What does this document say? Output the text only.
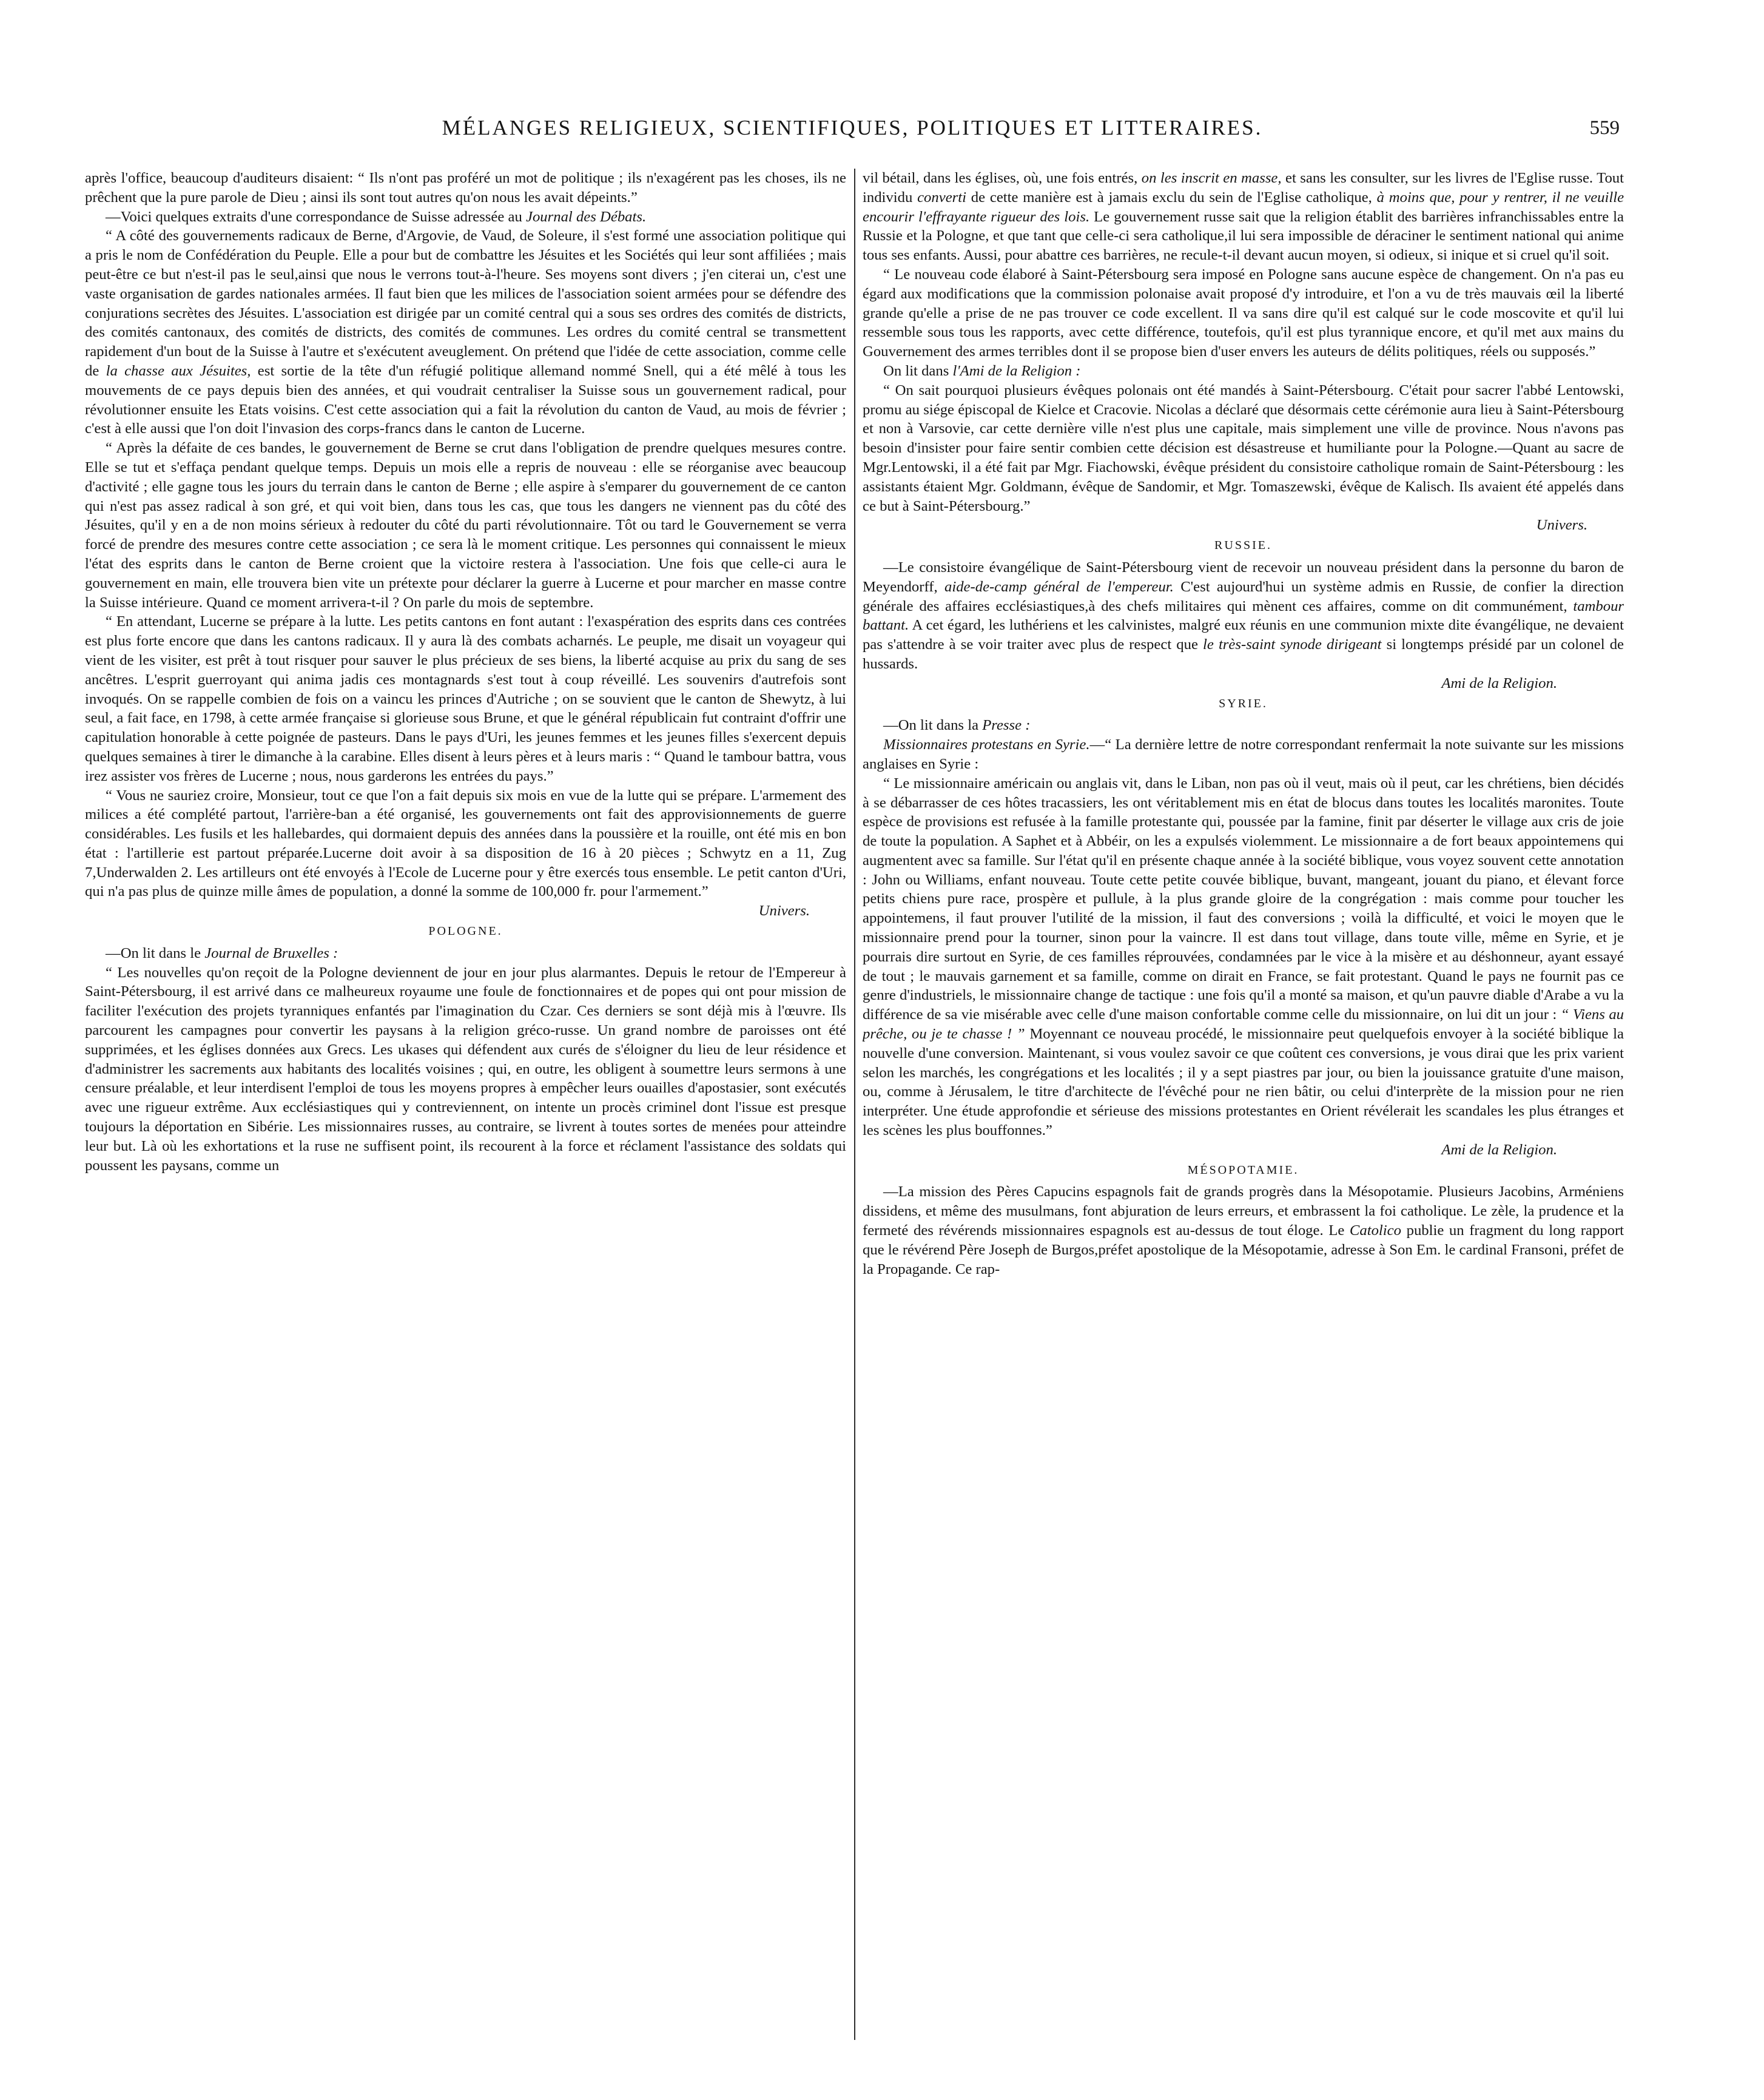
MÉLANGES RELIGIEUX, SCIENTIFIQUES, POLITIQUES ET LITTERAIRES.	559

après l'office, beaucoup d'auditeurs disaient: “ Ils n'ont pas proféré un mot de politique ; ils n'exagérent pas les choses, ils ne prêchent que la pure parole de Dieu ; ainsi ils sont tout autres qu'on nous les avait dépeints.”

—Voici quelques extraits d'une correspondance de Suisse adressée au Journal des Débats.

“ A côté des gouvernements radicaux de Berne, d'Argovie, de Vaud, de Soleure, il s'est formé une association politique qui a pris le nom de Confédération du Peuple. Elle a pour but de combattre les Jésuites et les Sociétés qui leur sont affiliées ; mais peut-être ce but n'est-il pas le seul,ainsi que nous le verrons tout-à-l'heure. Ses moyens sont divers ; j'en citerai un, c'est une vaste organisation de gardes nationales armées. Il faut bien que les milices de l'association soient armées pour se défendre des conjurations secrètes des Jésuites. L'association est dirigée par un comité central qui a sous ses ordres des comités de districts, des comités cantonaux, des comités de districts, des comités de communes. Les ordres du comité central se transmettent rapidement d'un bout de la Suisse à l'autre et s'exécutent aveuglement. On prétend que l'idée de cette association, comme celle de la chasse aux Jésuites, est sortie de la tête d'un réfugié politique allemand nommé Snell, qui a été mêlé à tous les mouvements de ce pays depuis bien des années, et qui voudrait centraliser la Suisse sous un gouvernement radical, pour révolutionner ensuite les Etats voisins. C'est cette association qui a fait la révolution du canton de Vaud, au mois de février ; c'est à elle aussi que l'on doit l'invasion des corps-francs dans le canton de Lucerne.

“ Après la défaite de ces bandes, le gouvernement de Berne se crut dans l'obligation de prendre quelques mesures contre. Elle se tut et s'effaça pendant quelque temps. Depuis un mois elle a repris de nouveau : elle se réorganise avec beaucoup d'activité ; elle gagne tous les jours du terrain dans le canton de Berne ; elle aspire à s'emparer du gouvernement de ce canton qui n'est pas assez radical à son gré, et qui voit bien, dans tous les cas, que tous les dangers ne viennent pas du côté des Jésuites, qu'il y en a de non moins sérieux à redouter du côté du parti révolutionnaire. Tôt ou tard le Gouvernement se verra forcé de prendre des mesures contre cette association ; ce sera là le moment critique. Les personnes qui connaissent le mieux l'état des esprits dans le canton de Berne croient que la victoire restera à l'association. Une fois que celle-ci aura le gouvernement en main, elle trouvera bien vite un prétexte pour déclarer la guerre à Lucerne et pour marcher en masse contre la Suisse intérieure. Quand ce moment arrivera-t-il ? On parle du mois de septembre.

“ En attendant, Lucerne se prépare à la lutte. Les petits cantons en font autant : l'exaspération des esprits dans ces contrées est plus forte encore que dans les cantons radicaux. Il y aura là des combats acharnés. Le peuple, me disait un voyageur qui vient de les visiter, est prêt à tout risquer pour sauver le plus précieux de ses biens, la liberté acquise au prix du sang de ses ancêtres. L'esprit guerroyant qui anima jadis ces montagnards s'est tout à coup réveillé. Les souvenirs d'autrefois sont invoqués. On se rappelle combien de fois on a vaincu les princes d'Autriche ; on se souvient que le canton de Shewytz, à lui seul, a fait face, en 1798, à cette armée française si glorieuse sous Brune, et que le général républicain fut contraint d'offrir une capitulation honorable à cette poignée de pasteurs. Dans le pays d'Uri, les jeunes femmes et les jeunes filles s'exercent depuis quelques semaines à tirer le dimanche à la carabine. Elles disent à leurs pères et à leurs maris : “ Quand le tambour battra, vous irez assister vos frères de Lucerne ; nous, nous garderons les entrées du pays.”

“ Vous ne sauriez croire, Monsieur, tout ce que l'on a fait depuis six mois en vue de la lutte qui se prépare. L'armement des milices a été complété partout, l'arrière-ban a été organisé, les gouvernements ont fait des approvisionnements de guerre considérables. Les fusils et les hallebardes, qui dormaient depuis des années dans la poussière et la rouille, ont été mis en bon état : l'artillerie est partout préparée.Lucerne doit avoir à sa disposition de 16 à 20 pièces ; Schwytz en a 11, Zug 7,Underwalden 2. Les artilleurs ont été envoyés à l'Ecole de Lucerne pour y être exercés tous ensemble. Le petit canton d'Uri, qui n'a pas plus de quinze mille âmes de population, a donné la somme de 100,000 fr. pour l'armement.”
Univers.

POLOGNE.

—On lit dans le Journal de Bruxelles :

“ Les nouvelles qu'on reçoit de la Pologne deviennent de jour en jour plus alarmantes. Depuis le retour de l'Empereur à Saint-Pétersbourg, il est arrivé dans ce malheureux royaume une foule de fonctionnaires et de popes qui ont pour mission de faciliter l'exécution des projets tyranniques enfantés par l'imagination du Czar. Ces derniers se sont déjà mis à l'œuvre. Ils parcourent les campagnes pour convertir les paysans à la religion gréco-russe. Un grand nombre de paroisses ont été supprimées, et les églises données aux Grecs. Les ukases qui défendent aux curés de s'éloigner du lieu de leur résidence et d'administrer les sacrements aux habitants des localités voisines ; qui, en outre, les obligent à soumettre leurs sermons à une censure préalable, et leur interdisent l'emploi de tous les moyens propres à empêcher leurs ouailles d'apostasier, sont exécutés avec une rigueur extrême. Aux ecclésiastiques qui y contreviennent, on intente un procès criminel dont l'issue est presque toujours la déportation en Sibérie. Les missionnaires russes, au contraire, se livrent à toutes sortes de menées pour atteindre leur but. Là où les exhortations et la ruse ne suffisent point, ils recourent à la force et réclament l'assistance des soldats qui poussent les paysans, comme un

vil bétail, dans les églises, où, une fois entrés, on les inscrit en masse, et sans les consulter, sur les livres de l'Eglise russe. Tout individu converti de cette manière est à jamais exclu du sein de l'Eglise catholique, à moins que, pour y rentrer, il ne veuille encourir l'effrayante rigueur des lois. Le gouvernement russe sait que la religion établit des barrières infranchissables entre la Russie et la Pologne, et que tant que celle-ci sera catholique,il lui sera impossible de déraciner le sentiment national qui anime tous ses enfants. Aussi, pour abattre ces barrières, ne recule-t-il devant aucun moyen, si odieux, si inique et si cruel qu'il soit.

“ Le nouveau code élaboré à Saint-Pétersbourg sera imposé en Pologne sans aucune espèce de changement. On n'a pas eu égard aux modifications que la commission polonaise avait proposé d'y introduire, et l'on a vu de très mauvais œil la liberté grande qu'elle a prise de ne pas trouver ce code excellent. Il va sans dire qu'il est calqué sur le code moscovite et qu'il lui ressemble sous tous les rapports, avec cette différence, toutefois, qu'il est plus tyrannique encore, et qu'il met aux mains du Gouvernement des armes terribles dont il se propose bien d'user envers les auteurs de délits politiques, réels ou supposés.”

On lit dans l'Ami de la Religion :

“ On sait pourquoi plusieurs évêques polonais ont été mandés à Saint-Pétersbourg. C'était pour sacrer l'abbé Lentowski, promu au siége épiscopal de Kielce et Cracovie. Nicolas a déclaré que désormais cette cérémonie aura lieu à Saint-Pétersbourg et non à Varsovie, car cette dernière ville n'est plus une capitale, mais simplement une ville de province. Nous n'avons pas besoin d'insister pour faire sentir combien cette décision est désastreuse et humiliante pour la Pologne.—Quant au sacre de Mgr.Lentowski, il a été fait par Mgr. Fiachowski, évêque président du consistoire catholique romain de Saint-Pétersbourg : les assistants étaient Mgr. Goldmann, évêque de Sandomir, et Mgr. Tomaszewski, évêque de Kalisch. Ils avaient été appelés dans ce but à Saint-Pétersbourg.”
Univers.

RUSSIE.

—Le consistoire évangélique de Saint-Pétersbourg vient de recevoir un nouveau président dans la personne du baron de Meyendorff, aide-de-camp général de l'empereur. C'est aujourd'hui un système admis en Russie, de confier la direction générale des affaires ecclésiastiques,à des chefs militaires qui mènent ces affaires, comme on dit communément, tambour battant. A cet égard, les luthériens et les calvinistes, malgré eux réunis en une communion mixte dite évangélique, ne devaient pas s'attendre à se voir traiter avec plus de respect que le très-saint synode dirigeant si longtemps présidé par un colonel de hussards.
Ami de la Religion.

SYRIE.

—On lit dans la Presse :

Missionnaires protestans en Syrie.—“ La dernière lettre de notre correspondant renfermait la note suivante sur les missions anglaises en Syrie :

“ Le missionnaire américain ou anglais vit, dans le Liban, non pas où il veut, mais où il peut, car les chrétiens, bien décidés à se débarrasser de ces hôtes tracassiers, les ont véritablement mis en état de blocus dans toutes les localités maronites. Toute espèce de provisions est refusée à la famille protestante qui, poussée par la famine, finit par déserter le village aux cris de joie de toute la population. A Saphet et à Abbéir, on les a expulsés violemment. Le missionnaire a de fort beaux appointemens qui augmentent avec sa famille. Sur l'état qu'il en présente chaque année à la société biblique, vous voyez souvent cette annotation : John ou Williams, enfant nouveau. Toute cette petite couvée biblique, buvant, mangeant, jouant du piano, et élevant force petits chiens pure race, prospère et pullule, à la plus grande gloire de la congrégation : mais comme pour toucher les appointemens, il faut prouver l'utilité de la mission, il faut des conversions ; voilà la difficulté, et voici le moyen que le missionnaire prend pour la tourner, sinon pour la vaincre. Il est dans tout village, dans toute ville, même en Syrie, et je pourrais dire surtout en Syrie, de ces familles réprouvées, condamnées par le vice à la misère et au déshonneur, ayant essayé de tout ; le mauvais garnement et sa famille, comme on dirait en France, se fait protestant. Quand le pays ne fournit pas ce genre d'industriels, le missionnaire change de tactique : une fois qu'il a monté sa maison, et qu'un pauvre diable d'Arabe a vu la différence de sa vie misérable avec celle d'une maison confortable comme celle du missionnaire, on lui dit un jour : “ Viens au prêche, ou je te chasse ! ” Moyennant ce nouveau procédé, le missionnaire peut quelquefois envoyer à la société biblique la nouvelle d'une conversion. Maintenant, si vous voulez savoir ce que coûtent ces conversions, je vous dirai que les prix varient selon les marchés, les congrégations et les localités ; il y a sept piastres par jour, ou bien la jouissance gratuite d'une maison, ou, comme à Jérusalem, le titre d'architecte de l'évêché pour ne rien bâtir, ou celui d'interprète de la mission pour ne rien interpréter. Une étude approfondie et sérieuse des missions protestantes en Orient révélerait les scandales les plus étranges et les scènes les plus bouffonnes.”
Ami de la Religion.

MÉSOPOTAMIE.

—La mission des Pères Capucins espagnols fait de grands progrès dans la Mésopotamie. Plusieurs Jacobins, Arméniens dissidens, et même des musulmans, font abjuration de leurs erreurs, et embrassent la foi catholique. Le zèle, la prudence et la fermeté des révérends missionnaires espagnols est au-dessus de tout éloge. Le Catolico publie un fragment du long rapport que le révérend Père Joseph de Burgos,préfet apostolique de la Mésopotamie, adresse à Son Em. le cardinal Fransoni, préfet de la Propagande. Ce rap-
